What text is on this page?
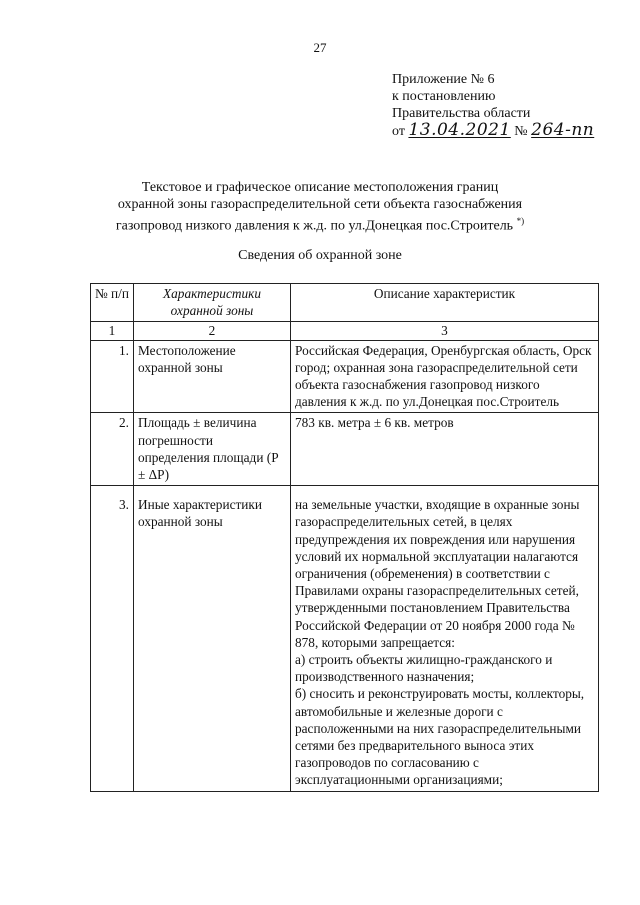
27
Приложение № 6
к постановлению
Правительства области
от 13.04.2021 № 264-пп
Текстовое и графическое описание местоположения границ
охранной зоны газораспределительной сети объекта газоснабжения
газопровод низкого давления к ж.д. по ул.Донецкая пос.Строитель *)
Сведения об охранной зоне
№ п/п	Характеристики охранной зоны	Описание характеристик
1	2	3
1.	Местоположение охранной зоны	Российская Федерация, Оренбургская область, Орск город; охранная зона газораспределительной сети объекта газоснабжения газопровод низкого давления к ж.д. по ул.Донецкая пос.Строитель
2.	Площадь ± величина погрешности определения площади (P ± ΔP)	783 кв. метра ± 6 кв. метров
3.	Иные характеристики охранной зоны	на земельные участки, входящие в охранные зоны газораспределительных сетей, в целях предупреждения их повреждения или нарушения условий их нормальной эксплуатации налагаются ограничения (обременения) в соответствии с Правилами охраны газораспределительных сетей, утвержденными постановлением Правительства Российской Федерации от 20 ноября 2000 года № 878, которыми запрещается:
а) строить объекты жилищно-гражданского и производственного назначения;
б) сносить и реконструировать мосты, коллекторы, автомобильные и железные дороги с расположенными на них газораспределительными сетями без предварительного выноса этих газопроводов по согласованию с эксплуатационными организациями;
